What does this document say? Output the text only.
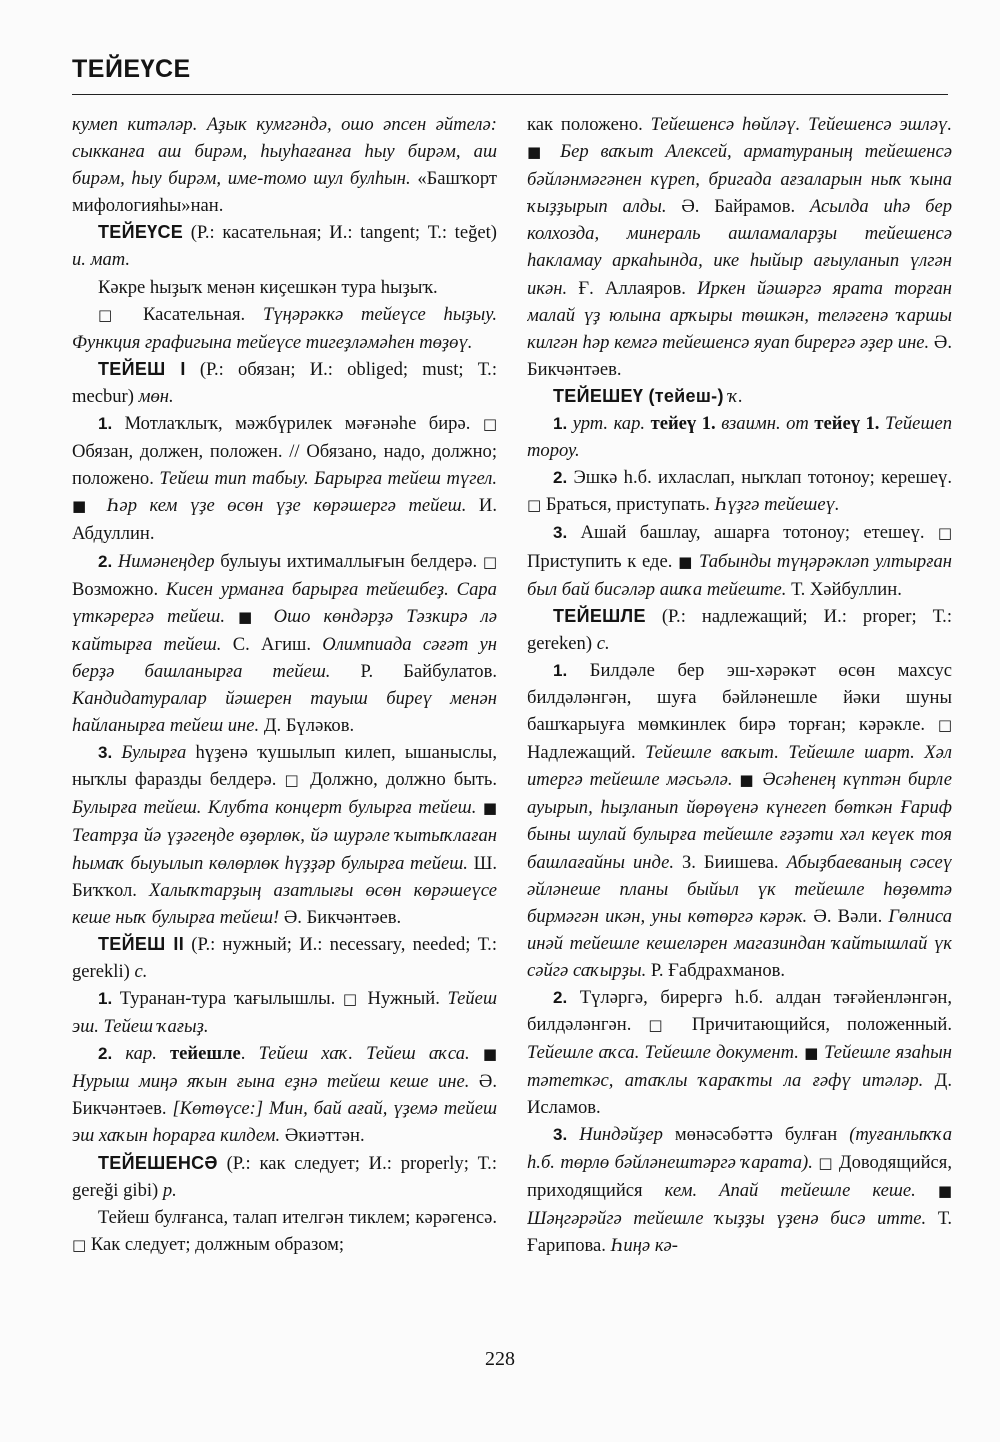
ТЕЙЕҮСЕ

кумеп китәләр. Аҙык кумгәндә, ошо әпсен әйтелә: сыкканға аш бирәм, һыуһағанға һыу бирәм, аш бирәм, һыу бирәм, име-томо шул булһын. «Башҡорт мифологияһы»нан.

ТЕЙЕҮСЕ (Р.: касательная; И.: tangent; Т.: teğet) и. мат.

Кәкре һыҙыҡ менән киҫешкән тура һыҙыҡ.

□ Касательная. Түңәрәккә тейеүсе һыҙыу. Функция графигына тейеүсе тигеҙләмәһен төҙөү.

ТЕЙЕШ I (Р.: обязан; И.: obliged; must; Т.: mecbur) мөн.

1. Мотлаҡлыҡ, мәжбүрилек мәғәнәһе бирә. □ Обязан, должен, положен. // Обязано, надо, должно; положено. Тейеш тип табыу. Барырға тейеш түгел. ■ Һәр кем үҙе өсөн үҙе көрәшергә тейеш. И. Абдуллин.

2. Нимәнеңдер булыуы ихтималлығын белдерә. □ Возможно. Кисен урманға барырға тейешбеҙ. Сара үткәрергә тейеш. ■ Ошо көндәрҙә Тәзкирә лә ҡайтырға тейеш. С. Агиш. Олимпиада сәғәт ун берҙә башланырға тейеш. Р. Байбулатов. Кандидатуралар йәшерен тауыш биреү менән һайланырға тейеш ине. Д. Бүләков.

3. Булырға һүҙенә ҡушылып килеп, ышаныслы, ныҡлы фаразды белдерә. □ Должно, должно быть. Булырға тейеш. Клубта концерт булырға тейеш. ■ Театрҙа йә үҙәгеңде өҙөрлөк, йә шурәле ҡытыҡлаған һымаҡ быуылып көлөрлөк һүҙҙәр булырға тейеш. Ш. Биҡҡол. Халыҡтарҙың азатлығы өсөн көрәшеүсе кеше ныҡ булырға тейеш! Ә. Бикчәнтәев.

ТЕЙЕШ II (Р.: нужный; И.: necessary, needed; Т.: gerekli) с.

1. Туранан-тура ҡағылышлы. □ Нужный. Тейеш эш. Тейеш ҡағыҙ.

2. кар. тейешле. Тейеш хаҡ. Тейеш аҡса. ■ Нурыш миңә яҡын ғына еҙнә тейеш кеше ине. Ә. Бикчәнтәев. [Көтөүсе:] Мин, бай ағай, үҙемә тейеш эш хаҡын һорарға килдем. Әкиәттән.

ТЕЙЕШЕНСӘ (Р.: как следует; И.: properly; Т.: gereği gibi) р.

Тейеш булғанса, талап ителгән тиклем; кәрәгенсә. □ Как следует; должным образом;

как положено. Тейешенсә һөйләү. Тейешенсә эшләү. ■ Бер ваҡыт Алексей, арматураның тейешенсә бәйләнмәгәнен күреп, бригада ағзаларын ныҡ ҡына ҡыҙҙырып алды. Ә. Байрамов. Асылда иһә бер колхозда, минераль ашламаларҙы тейешенсә һакламау аркаһында, ике һыйыр ағыуланып үлгән икән. Ғ. Аллаяров. Иркен йәшәргә ярата торған малай үҙ юлына арҡыры төшкән, теләгенә ҡаршы килгән һәр кемгә тейешенсә яуап бирергә әҙер ине. Ә. Бикчәнтәев.

ТЕЙЕШЕҮ (тейеш-) ҡ.

1. урт. кар. тейеү 1. взаимн. от тейеү 1. Тейешеп тороу.

2. Эшкә һ.б. ихласлап, ныҡлап тотоноу; керешеү. □ Браться, приступать. Һүҙгә тейешеү.

3. Ашай башлау, ашарға тотоноу; етешеү. □ Приступить к еде. ■ Табынды түңәрәкләп ултырған был бай бисәләр ашҡа тейеште. Т. Хәйбуллин.

ТЕЙЕШЛЕ (Р.: надлежащий; И.: proper; Т.: gereken) с.

1. Билдәле бер эш-хәрәкәт өсөн махсус билдәләнгән, шуға бәйләнешле йәки шуны башҡарыуға мөмкинлек бирә торған; кәрәкле. □ Надлежащий. Тейешле ваҡыт. Тейешле шарт. Хәл итергә тейешле мәсьәлә. ■ Әсәһенең күптән бирле ауырып, һыҙланып йөрөүенә күнегеп бөткән Ғариф быны шулай булырға тейешле ғәҙәти хәл кеүек тоя башлағайны инде. З. Биишева. Абыҙбаеваның сәсеү әйләнеше планы быйыл үк тейешле һөҙөмтә бирмәгән икән, уны көтөргә кәрәк. Ә. Вәли. Гөлниса инәй тейешле кешеләрен магазиндан ҡайтышлай үк сәйгә саҡырҙы. Р. Ғабдрахманов.

2. Түләргә, бирергә һ.б. алдан тәғәйенләнгән, билдәләнгән. □ Причитающийся, положенный. Тейешле аҡса. Тейешле документ. ■ Тейешле язаһын тәтеткәс, атаҡлы ҡараҡты ла ғәфү итәләр. Д. Исламов.

3. Ниндәйҙер мөнәсәбәттә булған (туғанлыҡҡа һ.б. төрлө бәйләнештәргә ҡарата). □ Доводящийся, приходящийся кем. Апай тейешле кеше. ■ Шәңгәрәйгә тейешле ҡыҙҙы үҙенә бисә итте. Т. Ғарипова. Һиңә кә-

228
